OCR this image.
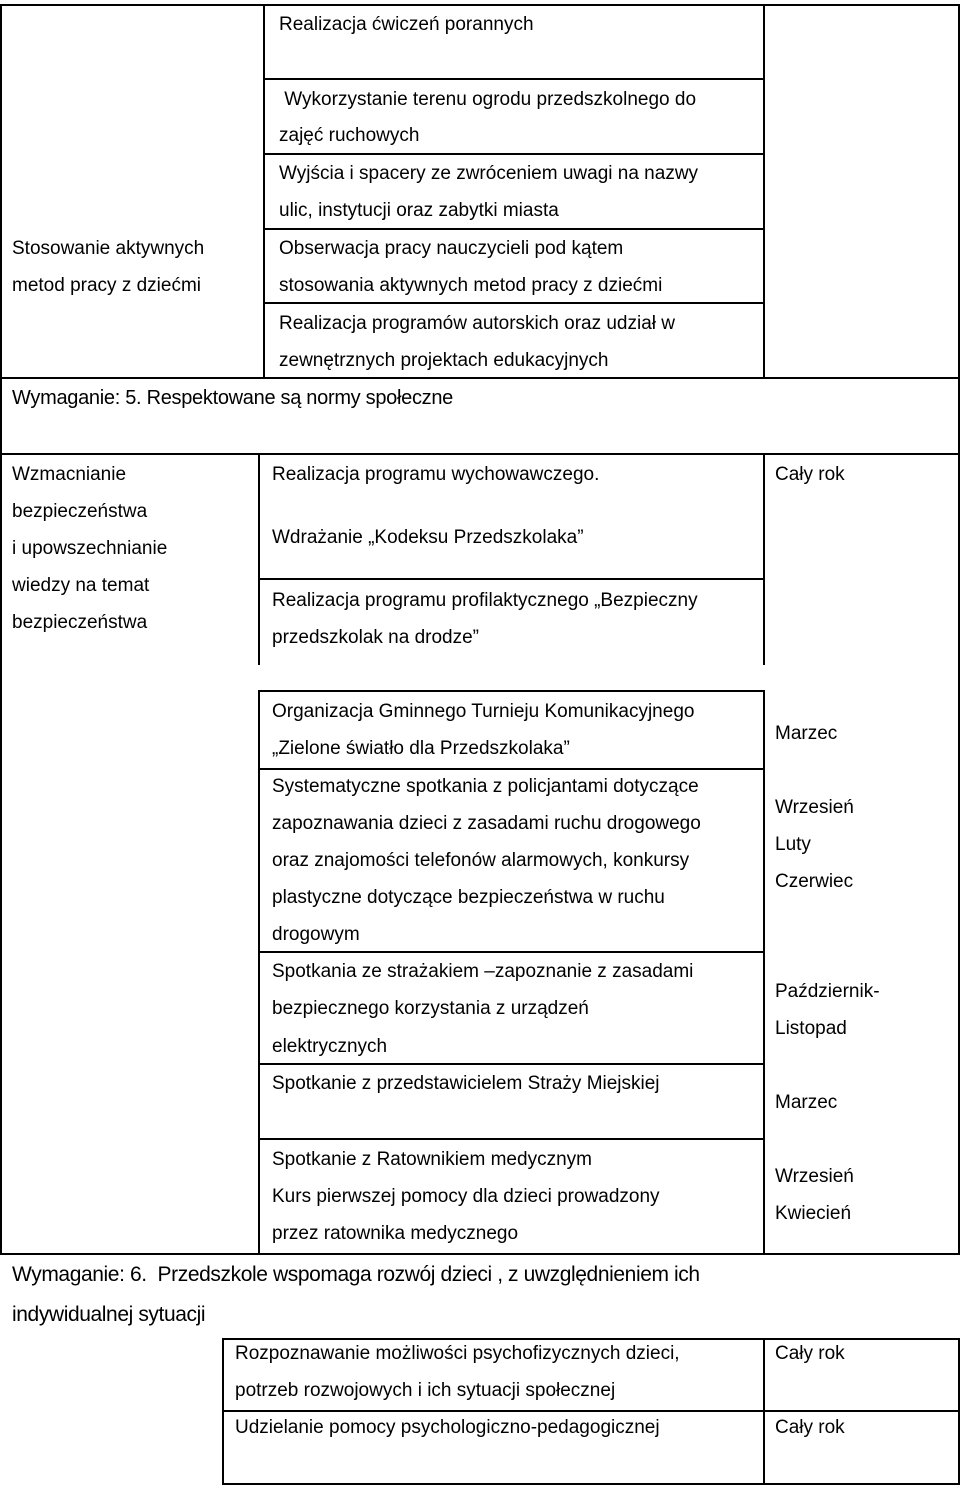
Stosowanie aktywnych
metod pracy z dziećmi
Realizacja ćwiczeń porannych
Wykorzystanie terenu ogrodu przedszkolnego do
zajęć ruchowych
Wyjścia i spacery ze zwróceniem uwagi na nazwy
ulic, instytucji oraz zabytki miasta
Obserwacja pracy nauczycieli pod kątem
stosowania aktywnych metod pracy z dziećmi
Realizacja programów autorskich oraz udział w
zewnętrznych projektach edukacyjnych
Wymaganie: 5. Respektowane są normy społeczne
Wzmacnianie
bezpieczeństwa
i upowszechnianie
wiedzy na temat
bezpieczeństwa
Realizacja programu wychowawczego.
Wdrażanie „Kodeksu Przedszkolaka”
Realizacja programu profilaktycznego „Bezpieczny
przedszkolak na drodze”
Organizacja Gminnego Turnieju Komunikacyjnego
„Zielone światło dla Przedszkolaka”
Systematyczne spotkania z policjantami dotyczące
zapoznawania dzieci z zasadami ruchu drogowego
oraz znajomości telefonów alarmowych, konkursy
plastyczne dotyczące bezpieczeństwa w ruchu
drogowym
Spotkania ze strażakiem –zapoznanie z zasadami
bezpiecznego korzystania z urządzeń
elektrycznych
Spotkanie z przedstawicielem Straży Miejskiej
Spotkanie z Ratownikiem medycznym
Kurs pierwszej pomocy dla dzieci prowadzony
przez ratownika medycznego
Cały rok
Marzec
Wrzesień
Luty
Czerwiec
Październik-
Listopad
Marzec
Wrzesień
Kwiecień
Wymaganie: 6.  Przedszkole wspomaga rozwój dzieci , z uwzględnieniem ich
indywidualnej sytuacji
Rozpoznawanie możliwości psychofizycznych dzieci,
potrzeb rozwojowych i ich sytuacji społecznej
Udzielanie pomocy psychologiczno-pedagogicznej
Cały rok
Cały rok
